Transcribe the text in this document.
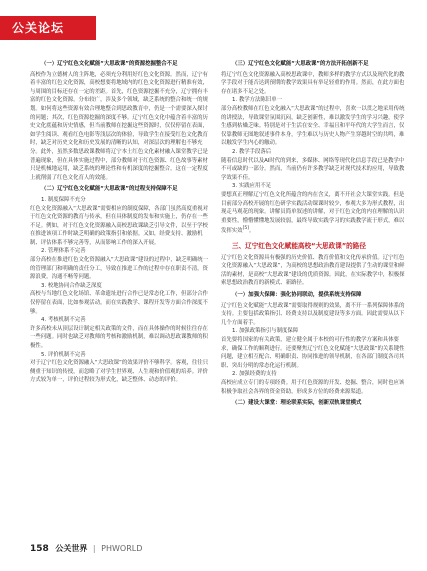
公关论坛
（一）辽宁红色文化赋能“大思政课”的资源挖掘整合不足
高校作为立德树人的主阵地，必须充分利用好红色文化资源。然而，辽宁有着丰富的红色文化资源，高校想要将地域内的红色文化资源进行精准有效，与周围的目标还存在一定的差距。首先，红色资源挖掘不充分，辽宁拥有丰富的红色文化资源，分布较广，涉及多个领域，缺乏系统的整合和统一的规划。如何将这些资源有效合理地整合到思政教育中，仍是一个需要深入探讨的问题；其次，红色资源挖掘的深度不够。辽宁红色文化中蕴含着丰富的历史文化底蕴和历史情感，但当前教师在挖掘这些资源时，仅仅停留在表面，如学生阅读、观看红色电影等浅层次的体验，导致学生在接受红色文化教育时，缺乏对历史文化和历史发展的清晰的认知，对深层次的理解也不够充分。此外，虽然多数思政课教师将辽宁本土红色文化素材融入课堂教学已是普遍现象，但在具体实施过程中，部分教师对于红色资源、红色故事等素材只是机械地运用，缺乏系统的理论性和有机深度的挖掘整合，这在一定程度上就削弱了红色文化育人的效能。
（二）辽宁红色文化赋能“大思政课”的过程支持保障不足
1. 制度保障不充分
红色文化资源融入“大思政课”需要相应的制度保障，各部门虽然高度重视对于红色文化资源的教育与传承，但在具体制度的发布和实施上，仍存在一些不足。例如，对于红色文化资源融入高校思政课缺乏引导文件，以至于学校在推进该项工作时缺乏明确的政策指引和依据。又如，经费支持、激励机制、评估体系不够完善等，从而影响工作的深入开展。
2. 管理体系不完善
部分高校在推进红色文化资源融入“大思政课”建设的过程中，缺乏明确统一的管理部门和明确的责任分工，导致在推进工作的过程中存在职责不清，资源浪费，沟通不畅等问题。
3. 校地协同合作缺乏深度
高校与当地红色文化场馆、革命遗址进行合作已是常态化工作，但部分合作仅停留在表面，比如参观活动，而在实践教学、课程开发等方面合作深度不够。
4. 考核机制不完善
许多高校未从顶层设计制定相关政策的文件，而在具体操作的时候往往存在一些问题。同时也缺乏对教师的考核和激励机制，难以调动思政课教师的积极性。
5. 评价机制不完善
对于辽宁红色文化资源融入“大思政课”的效果评价不够科学。客观，往往只侧重于知识的传授，而忽略了对学生世界观、人生观和价值观的培养。评价方式较为单一，评价过程较为形式化，缺乏整体、动态的评价。
（三）辽宁红色文化赋能“大思政课”的方法开拓创新不足
将辽宁红色文化资源融入高校思政课中，教师多样的教学方式以及现代化的教学手段对于能否达到预期的教学效果具有举足轻重的作用。然而，在此方面也存在诸多不足之处。
1. 教学方法陈旧单一
部分高校教师在红色文化融入“大思政课”的过程中，喜欢一以贯之地采用传统的讲授法，导致课堂氛围沉闷，缺乏创新性，难以激发学生的学习兴趣，使学生感到枯燥乏味。特别是对于生活在安全、幸福且和平年代的大学生而言，仅仅靠教师无图地叙述事件本身，学生难以与历史人物产生穿越时空的共鸣，难以触发学生内心的触动。
2. 教学手段落后
随着信息时代以及AI时代的到来，多媒体、网络等现代化信息手段已是教学中不可或缺的一部分。然而，当前仍有许多教学缺乏对现代技术的应用，导致教学效果不佳。
3. 实践应用不足
要想真正理解辽宁红色文化所蕴含的内在含义，离不开社会大课堂实践。但是目前部分高校开展的红色研学实践活动课课时较少，参观大多为形式教程，出现走马观花的现象。讲解员简单叙述的讲解，对于红色文化的内在理解的认识重要性，懵懵懂懂地发展较弱，最终导致实践学习的实践教学流于形式，难以发挥实效[5]。
三、辽宁红色文化赋能高校“大思政课”的路径
辽宁红色文化资源具有极强的历史价值、教育价值和文化传承价值。辽宁红色文化资源融入“大思政课”，为高校的思想政治教育建设提供了生动的课堂和鲜活的素材，是高校“大思政课”建设的优质资源。因此，在实际教学中，积极探索思想政治教育的新模式、新路径。
（一）加强大保障：强化协同联动，提供系统支持保障
辽宁红色文化赋能“大思政课”需要取得规则的效果，离不开一系列保障体系的支持。主要包括政策指引、经费支持以及制度建设等多方面。因此需要从以下几个方面着手。
1. 加强政策指引与制度保障
首先要将国家的有关政策，建立健全属于本校的可行性的教学方案和具体要求，确保工作的顺利进行。还要聚焦辽宁红色文化赋能“大思政课”的关系键性问题，建立相互配合、明确职责、协同推进的领导机制，在各部门制度各司其职、突出分明的常态化运行机制。
2. 加强经费的支持
高校应成立专门的专项经费。用于红色资源的开发、挖掘、整合，同时也应该积极争取社会各界的资金资助，形成多方位的经费来源渠道。
（二）建设大课堂：理论联系实际，创新双轨课堂模式
158 公关世界 | PHWORLD
